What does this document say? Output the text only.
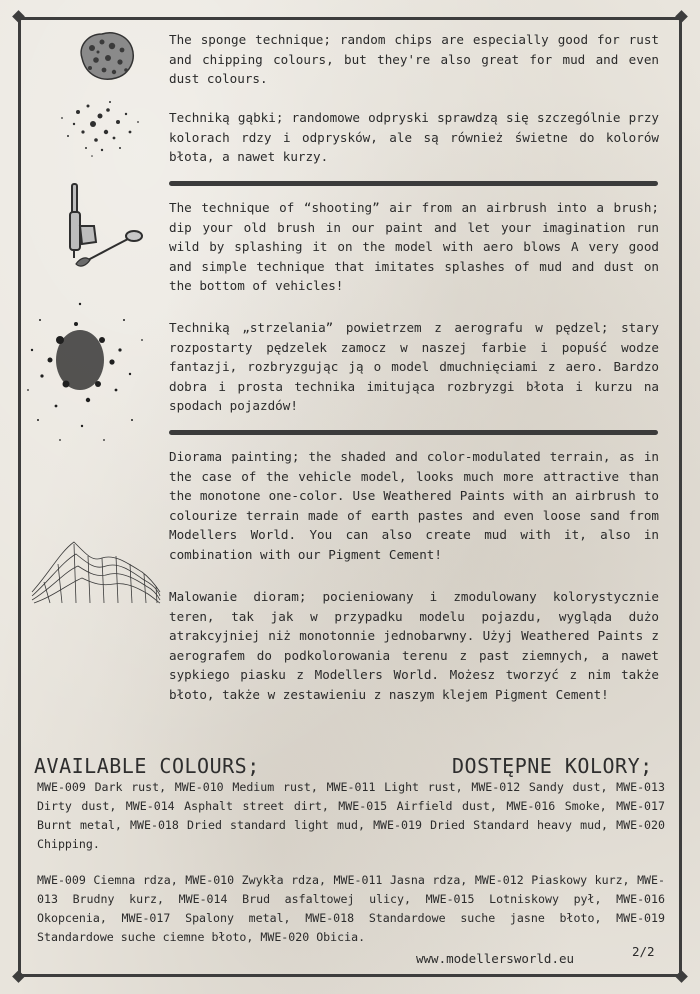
The sponge technique; random chips are especially good for rust and chipping colours, but they're also great for mud and even dust colours.
Techniką gąbki; randomowe odpryski sprawdzą się szczególnie przy kolorach rdzy i odprysków, ale są również świetne do kolorów błota, a nawet kurzy.
The technique of “shooting” air from an airbrush into a brush; dip your old brush in our paint and let your imagination run wild by splashing it on the model with aero blows A very good and simple technique that imitates splashes of mud and dust on the bottom of vehicles!
Techniką „strzelania” powietrzem z aerografu w pędzel; stary rozpostarty pędzelek zamocz w naszej farbie i popuść wodze fantazji, rozbryzgując ją o model dmuchnięciami z aero. Bardzo dobra i prosta technika imitująca rozbryzgi błota i kurzu na spodach pojazdów!
Diorama painting; the shaded and color-modulated terrain, as in the case of the vehicle model, looks much more attractive than the monotone one-color. Use Weathered Paints with an airbrush to colourize terrain made of earth pastes and even loose sand from Modellers World. You can also create mud with it, also in combination with our Pigment Cement!
Malowanie dioram; pocieniowany i zmodulowany kolorystycznie teren, tak jak w przypadku modelu pojazdu, wygląda dużo atrakcyjniej niż monotonnie jednobarwny. Użyj Weathered Paints z aerografem do podkolorowania terenu z past ziemnych, a nawet sypkiego piasku z Modellers World. Możesz tworzyć z nim także błoto, także w zestawieniu z naszym klejem Pigment Cement!
AVAILABLE COLOURS;	DOSTĘPNE KOLORY;
MWE-009 Dark rust, MWE-010 Medium rust, MWE-011 Light rust, MWE-012 Sandy dust, MWE-013 Dirty dust, MWE-014 Asphalt street dirt, MWE-015 Airfield dust, MWE-016 Smoke, MWE-017 Burnt metal, MWE-018 Dried standard light mud, MWE-019 Dried Standard heavy mud, MWE-020 Chipping.
MWE-009 Ciemna rdza, MWE-010 Zwykła rdza, MWE-011 Jasna rdza, MWE-012 Piaskowy kurz, MWE-013 Brudny kurz, MWE-014 Brud asfaltowej ulicy, MWE-015 Lotniskowy pył, MWE-016 Okopcenia, MWE-017 Spalony metal, MWE-018 Standardowe suche jasne błoto, MWE-019 Standardowe suche ciemne błoto, MWE-020 Obicia.
www.modellersworld.eu	2/2
